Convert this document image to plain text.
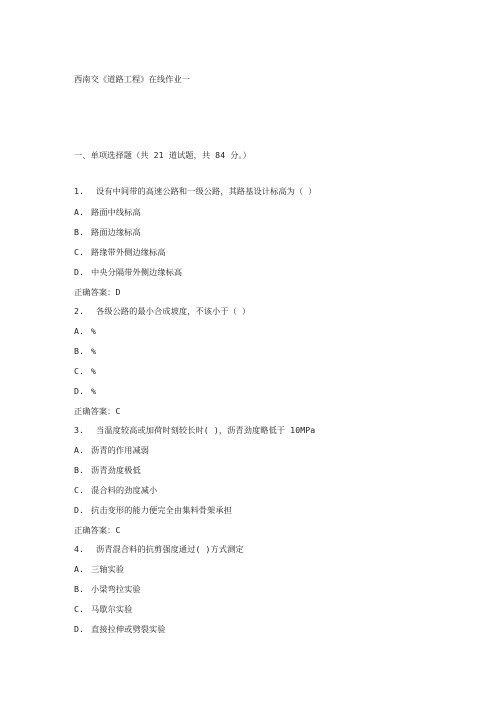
西南交《道路工程》在线作业一
一、单项选择题（共 21 道试题，共 84 分。）
1. 设有中间带的高速公路和一级公路，其路基设计标高为（ ）
A. 路面中线标高
B. 路面边缘标高
C. 路缘带外侧边缘标高
D. 中央分隔带外侧边缘标高
正确答案：D
2. 各级公路的最小合成坡度，不该小于（ ）
A. %
B. %
C. %
D. %
正确答案：C
3. 当温度较高或加荷时刻较长时( )，沥青劲度略低于 10MPa
A. 沥青的作用减弱
B. 沥青劲度极低
C. 混合料的劲度减小
D. 抗击变形的能力便完全由集料骨架承担
正确答案：C
4. 沥青混合料的抗剪强度通过( )方式测定
A. 三轴实验
B. 小梁弯拉实验
C. 马歇尔实验
D. 直接拉伸或劈裂实验
